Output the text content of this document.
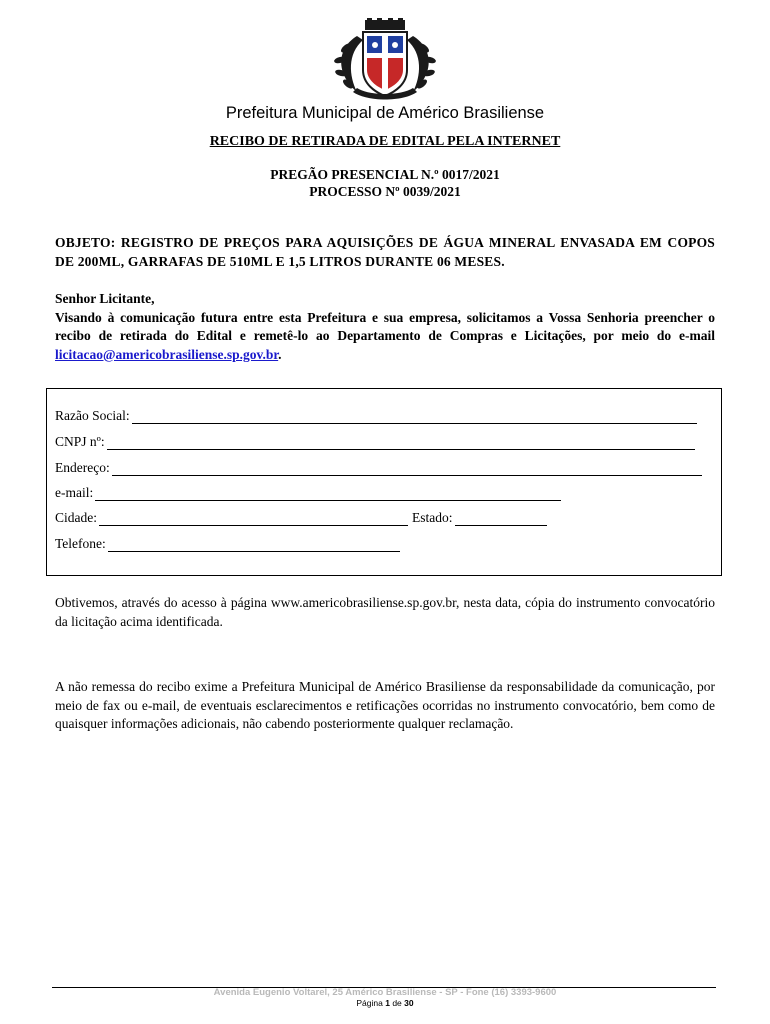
Prefeitura Municipal de Américo Brasiliense
RECIBO DE RETIRADA DE EDITAL PELA INTERNET
PREGÃO PRESENCIAL N.º 0017/2021
PROCESSO Nº 0039/2021
OBJETO: REGISTRO DE PREÇOS PARA AQUISIÇÕES DE ÁGUA MINERAL ENVASADA EM COPOS DE 200ML, GARRAFAS DE 510ML E 1,5 LITROS DURANTE 06 MESES.
Senhor Licitante,
Visando à comunicação futura entre esta Prefeitura e sua empresa, solicitamos a Vossa Senhoria preencher o recibo de retirada do Edital e remetê-lo ao Departamento de Compras e Licitações, por meio do e-mail licitacao@americobrasiliense.sp.gov.br.
Razão Social:
CNPJ nº:
Endereço:
e-mail:
Cidade:	Estado:
Telefone:
Obtivemos, através do acesso à página www.americobrasiliense.sp.gov.br, nesta data, cópia do instrumento convocatório da licitação acima identificada.
A não remessa do recibo exime a Prefeitura Municipal de Américo Brasiliense da responsabilidade da comunicação, por meio de fax ou e-mail, de eventuais esclarecimentos e retificações ocorridas no instrumento convocatório, bem como de quaisquer informações adicionais, não cabendo posteriormente qualquer reclamação.
Avenida Eugenio Voltarel, 25 Américo Brasiliense - SP - Fone (16) 3393-9600
Página 1 de 30
